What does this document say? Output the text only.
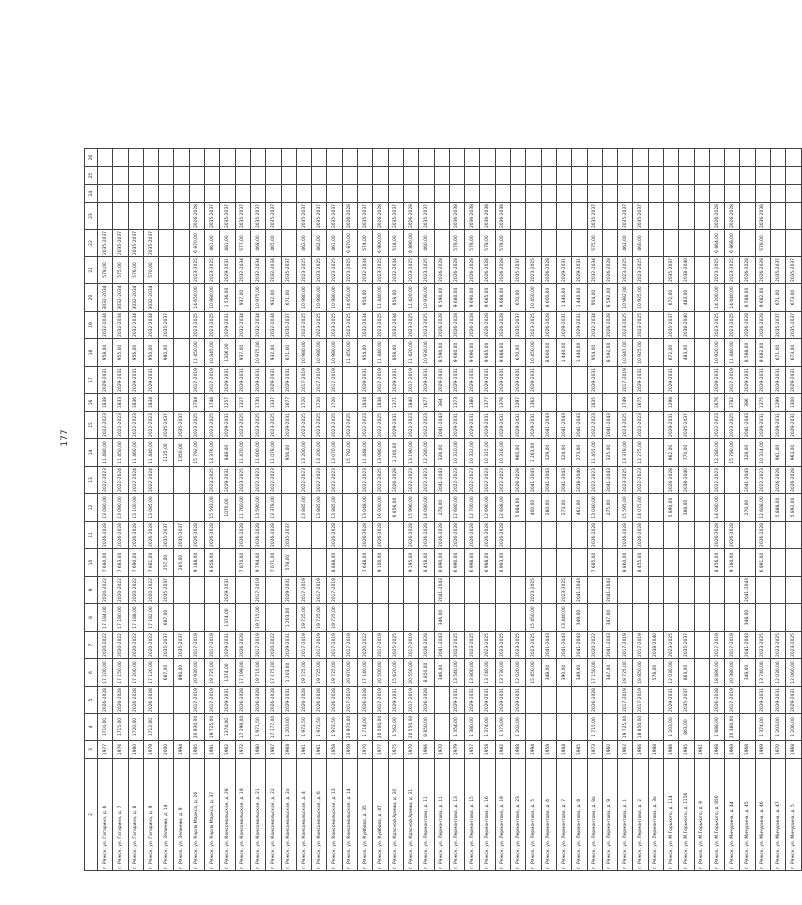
177
2	3	4	5	6	7	8	9	10	11	12	13	14	15	16	17	18	19	20	21	22	23	24	25	26
г. Ряжск, ул. Гагарина, д. 6	1977	1710,00	2026-2028	17 100,00	2020-2022	17 184,00	2020-2022	7 680,00	2026-2028	13 080,00	2022-2023	11 480,00	2022-2023	1838	2029-2031	958,00	2032-2034	3032-2034	578,00	2035-2037				
г. Ряжск, ул. Гагарина, д. 7	1976	1715,00	2026-2028	17 150,00	2020-2022	17 180,00	2020-2022	7 683,00	2026-2028	13 090,00	2022-2024	11 450,00	2022-2023	1833	2029-2031	955,00	2032-2034	3032-2034	575,00	2035-2037				
г. Ряжск, ул. Гагарина, д. 8	1980	1720,00	2026-2028	17 200,00	2020-2022	17 188,00	2020-2022	7 690,00	2026-2028	13 100,00	2022-2024	11 460,00	2022-2023	1836	2029-2031	956,00	2032-2034	3032-2034	576,00	2035-2037				
г. Ряжск, ул. Гагарина, д. 9	1979	1712,00	2026-2028	17 120,00	2020-2022	17 182,00	2020-2022	7 681,00	2026-2028	13 085,00	2022-2024	11 440,00	2022-2023	1834	2029-2031	950,00	2032-2034	3032-2034	570,00	2035-2037				
г. Ряжск, ул. Зелинии, д. 14	2000			687,00	2035-2037	687,00	2035-2037	257,00	2035-2037			1125,00	2035-2037			980,00	2035-2037							
г. Ряжск, ул. Зелинии, д. 9	1994			890,00	2035-2037			265,00	2035-2037			1350,00	2035-2037											
г. Ряжск, ул. Карла Маркса, д. 26	1985	20 930,00	2017-2019	20 930,00	2017-2019			9 188,00	2026-2028			15 792,00	2023-2025	1784	2017-2019	11 450,00	2023-2025	14 650,00	2023-2025	6 870,00	2026-2028			
г. Ряжск, ул. Карла Маркса, д. 37	1991	19 725,00	2017-2019	19 725,00	2017-2019			8 858,00	2026-2028	15 593,00	2023-2025	13 376,00	2023-2025	1748	2017-2019	10 845,00	2023-2025	10 980,00	2023-2025	461,00	2035-2037			
г. Ряжск, ул. Комсомольская, д. 28	1982	1374,00	2029-2031	1374,00	2029-2031	1374,00	2029-2031			1070,00	2029-2031	848,00	2029-2031	1257	2029-2031	1336,00	2029-2031	1 536,00	2029-2031	481,00	2035-2037			
г. Ряжск, ул. Комсомольская, д. 19	1972	17 199,00	2026-2028	17 199,00	2026-2028			7 870,00	2026-2028	11 760,00	2023-2025	11 470,00	2023-2025	1327	2029-2031	937,00	2032-2034	937,00	2032-2034	577,00	2035-2037			
г. Ряжск, ул. Комсомольская, д. 21	1980	1 971,50	2026-2028	19 715,00	2017-2019	19 715,00	2017-2019	9 794,00	2026-2028	13 590,00	2022-2023	11 600,00	2023-2025	1730	2029-2031	10 975,00	2032-2034	10 975,00	2032-2034	468,00	2035-2037			
г. Ряжск, ул. Комсомольская, д. 22	1967	17 177,00	2026-2028	17 175,00	2020-2022			7 071,00	2026-2028	13 378,00	2022-2023	11 078,00	2023-2025	1337	2029-2031	932,00	2032-2034	932,00	2032-2034	465,00	2035-2037			
г. Ряжск, ул. Комсомольская, д. 2а	1968	1 203,00	2029-2031	1 203,00	2029-2031	1 203,00	2029-2031	578,00	2035-2037			956,00	2029-2031	1677	2029-2031	671,00	2035-2037	671,00	2035-2037					
г. Ряжск, ул. Комсомольская, д. 4	1961	1 972,50	2026-2028	19 725,00	2017-2019	19 725,00	2017-2019			13 885,00	2022-2023	13 200,00	2023-2025	1720	2017-2019	10 980,00	2023-2025	10 980,00	2023-2025	462,00	2035-2037			
г. Ряжск, ул. Комсомольская, д. 6	1961	1 972,50	2026-2028	19 725,00	2017-2019	19 725,00	2017-2019			13 885,00	2022-2023	13 200,00	2023-2025	1720	2017-2019	10 980,00	2023-2025	10 980,00	2023-2025	462,00	2035-2037			
г. Ряжск, ул. Комсомольская, д. 13	1958	1 972,50	2026-2028	19 725,00	2017-2019	19 725,00	2017-2019	8 888,00	2026-2028	13 885,00	2022-2023	13 070,00	2023-2025	1720	2017-2019	10 980,00	2023-2025	10 980,00	2023-2025	461,00	2035-2037			
г. Ряжск, ул. Комсомольская, д. 14	1959	20 970,00	2017-2019	20 970,00	2017-2019							15 792,00	2023-2025			11 450,00	2023-2025	14 650,00	2023-2025	6 870,00	2026-2028			
г. Ряжск, ул. Куйбова, д. 35	1970	1 714,00	2026-2028	17 140,00	2020-2022			7 648,00	2026-2028	13 048,00	2022-2023	11 448,00	2022-2023	1834	2029-2031	954,00	2032-2034	954,00	2032-2034	574,00	2035-2037			
г. Ряжск, ул. Куйбова, д. 47	1977	20 500,00	2017-2019	20 500,00	2017-2019			9 100,00	2026-2028	16 000,00	2022-2025	13 080,00	2022-2025	1838	2017-2019	11 440,00	2023-2025	11 440,00	2023-2025	6 900,00	2026-2028			
г. Ряжск, ул. Красной Армии, д. 20	1975	1 562,00	2029-2031	15 620,00	2025-2025					6 856,00	2026-2028	1 200,00	2029-2031	1371	2029-2031	858,00	2032-2034	858,00	2032-2034	518,00	2035-2037			
г. Ряжск, ул. Красной Армии, д. 21	1970	20 550,00	2017-2019	20 550,00	2017-2019			9 195,00	2026-2028	15 990,00	2022-2023	13 190,00	2022-2023	1840	2017-2019	11 420,00	2023-2025	11 420,00	2023-2025	6 890,00	2026-2028			
г. Ряжск, ул. Лермонтова, д. 11	1966	8 850,00	2026-2028	8 850,00	2026-2028			8 458,00	2026-2028	14 080,00	2022-2023	12 280,00	2022-2023	1677	2029-2031	10 930,00	2023-2025	10 930,00	2023-2025	460,00	2035-2037			
г. Ряжск, ул. Лермонтова, д. 11	1970			346,00	2041-2043	346,00	2041-2043	6 890,00	2026-2028	278,00	2041-2043	326,00	2041-2043	384	2029-2031	8 590,00	2026-2028	8 590,00	2026-2028					
г. Ряжск, ул. Лермонтова, д. 13	1979	1 354,00	2029-2031	13 540,00	2023-2025			6 990,00	2026-2028	12 680,00	2022-2023	10 310,00	2029-2031	1373	2029-2031	9 680,00	2026-2028	9 680,00	2026-2028	578,00	2036-2038			
г. Ряжск, ул. Лермонтова, д. 15	1957	1 380,00	2029-2031	13 800,00	2023-2025			6 998,00	2026-2028	12 700,00	2022-2023	10 322,00	2029-2031	1380	2029-2031	9 690,00	2026-2028	9 690,00	2026-2028	578,00	2036-2038			
г. Ряжск, ул. Лермонтова, д. 16	1958	1 374,00	2029-2031	13 740,00	2023-2025			6 988,00	2026-2028	12 690,00	2022-2023	10 315,00	2029-2031	1377	2029-2031	9 685,00	2026-2028	9 685,00	2026-2028	578,00	2036-2038			
г. Ряжск, ул. Лермонтова, д. 19	1982	1 373,00	2029-2031	13 730,00	2023-2025			6 993,00	2026-2028	12 688,00	2022-2023	10 316,00	2029-2031	1376	2029-2031	9 688,00	2026-2028	9 688,00	2026-2028	578,00	2036-2038			
г. Ряжск, ул. Лермонтова, д. 23	1968	1 202,00	2029-2031	12 020,00	2023-2025					5 884,00	2026-2028	960,00	2029-2031	1297	2029-2031	670,00	2035-2037	670,00	2035-2037					
г. Ряжск, ул. Лермонтова, д. 5	1994			15 450,00	2023-2025	15 450,00	2023-2025			400,00	2041-2043	1 263,00	2029-2031	1362	2029-2031	10 450,00	2023-2025	10 450,00	2023-2025					
г. Ряжск, ул. Лермонтова, д. 6	1958			348,00	2041-2043					280,00	2041-2043	329,00	2041-2043			8 600,00	2026-2028	8 600,00	2026-2028					
г. Ряжск, ул. Лермонтова, д. 7	1984			390,00	2041-2043	13 440,00	2023-2025			273,00	2041-2043	324,00	2041-2043			1 440,00	2029-2031	1 440,00	2029-2031					
г. Ряжск, ул. Лермонтова, д. 8	1985			349,00	2041-2043	349,00	2041-2043			462,00	2038-2040	273,00	2041-2043			1 440,00	2029-2031	1 440,00	2029-2031					
г. Ряжск, ул. Лермонтова, д. 8а	1973	1 715,00	2026-2028	17 150,00	2020-2022			7 685,00	2026-2028	13 040,00	2022-2023	11 455,00	2022-2023	1835	2029-2031	954,00	2032-2034	954,00	2032-2034	575,00	2035-2037			
г. Ряжск, ул. Лермонтова, д. 9	1960			347,00	2041-2043	347,00	2041-2043			275,00	2041-2043	325,00	2041-2043			8 592,00	2026-2028	8 592,00	2026-2028					
г. Ряжск, ул. Лермонтова, д. 1	1962	19 725,00	2017-2019	19 725,00	2017-2019			8 860,00	2026-2028	15 595,00	2023-2025	13 378,00	2023-2025	1749	2017-2019	10 847,00	2023-2025	10 982,00	2023-2025	462,00	2035-2037			
г. Ряжск, ул. Лермонтова, д. 2	1966	18 850,00	2017-2019	18 850,00	2017-2019			8 455,00	2026-2028	14 075,00	2022-2023	12 275,00	2022-2023	1675	2029-2031	10 925,00	2023-2025	10 925,00	2023-2025	460,00	2035-2037			
г. Ряжск, ул. Лермонтова, д. 3а	1988			578,00	2038-2040																			
г. Ряжск, ул. М.Горького, д. 114	1986	1 203,00	2029-2031	12 030,00	2023-2025					5 890,00	2026-2028	962,00	2029-2031	1298	2029-2031	672,00	2035-2037	672,00	2035-2037					
г. Ряжск, ул. М.Горького, д. 115б	1985	863,00	2035-2037	863,00	2035-2037					388,00	2038-2040	770,00	2035-2037			483,00	2038-2040	483,00	2038-2040					
г. Ряжск, ул. М.Горького, д. 9	1961																							
г. Ряжск, ул. М.Горького, д. 856	1968	1 888,00	2026-2028	18 880,00	2017-2019			8 456,00	2026-2028	14 080,00	2022-2023	12 280,00	2022-2023	1676	2029-2031	10 920,00	2023-2025	14 200,00	2023-2025	6 864,00	2026-2028			
г. Ряжск, ул. Мичурина, д. 44	1968	20 380,00	2017-2019	20 380,00	2017-2019			9 180,00	2026-2028			15 780,00	2023-2025	1782	2017-2019	11 440,00	2023-2025	14 640,00	2023-2025	6 868,00	2026-2028			
г. Ряжск, ул. Мичурина, д. 45	1968			348,00	2041-2043	348,00	2041-2043			270,00	2041-2043	328,00	2041-2043	386	2029-2031	8 588,00	2026-2028	8 588,00	2026-2028					
г. Ряжск, ул. Мичурина, д. 46	1969	1 374,00	2029-2031	13 740,00	2023-2025			6 991,00	2026-2028	12 688,00	2022-2023	10 314,00	2029-2031	1375	2029-2031	9 682,00	2026-2028	9 682,00	2026-2028	578,00	2036-2038			
г. Ряжск, ул. Мичурина, д. 47	1970	1 203,00	2029-2031	12 030,00	2023-2025					5 888,00	2026-2028	961,00	2029-2031	1299	2029-2031	671,00	2035-2037	671,00	2035-2037					
г. Ряжск, ул. Мичурина, д. 5	1968	1 206,00	2029-2031	12 060,00	2023-2025					5 892,00	2026-2028	963,00	2029-2031	1300	2029-2031	673,00	2035-2037	673,00	2035-2037					
